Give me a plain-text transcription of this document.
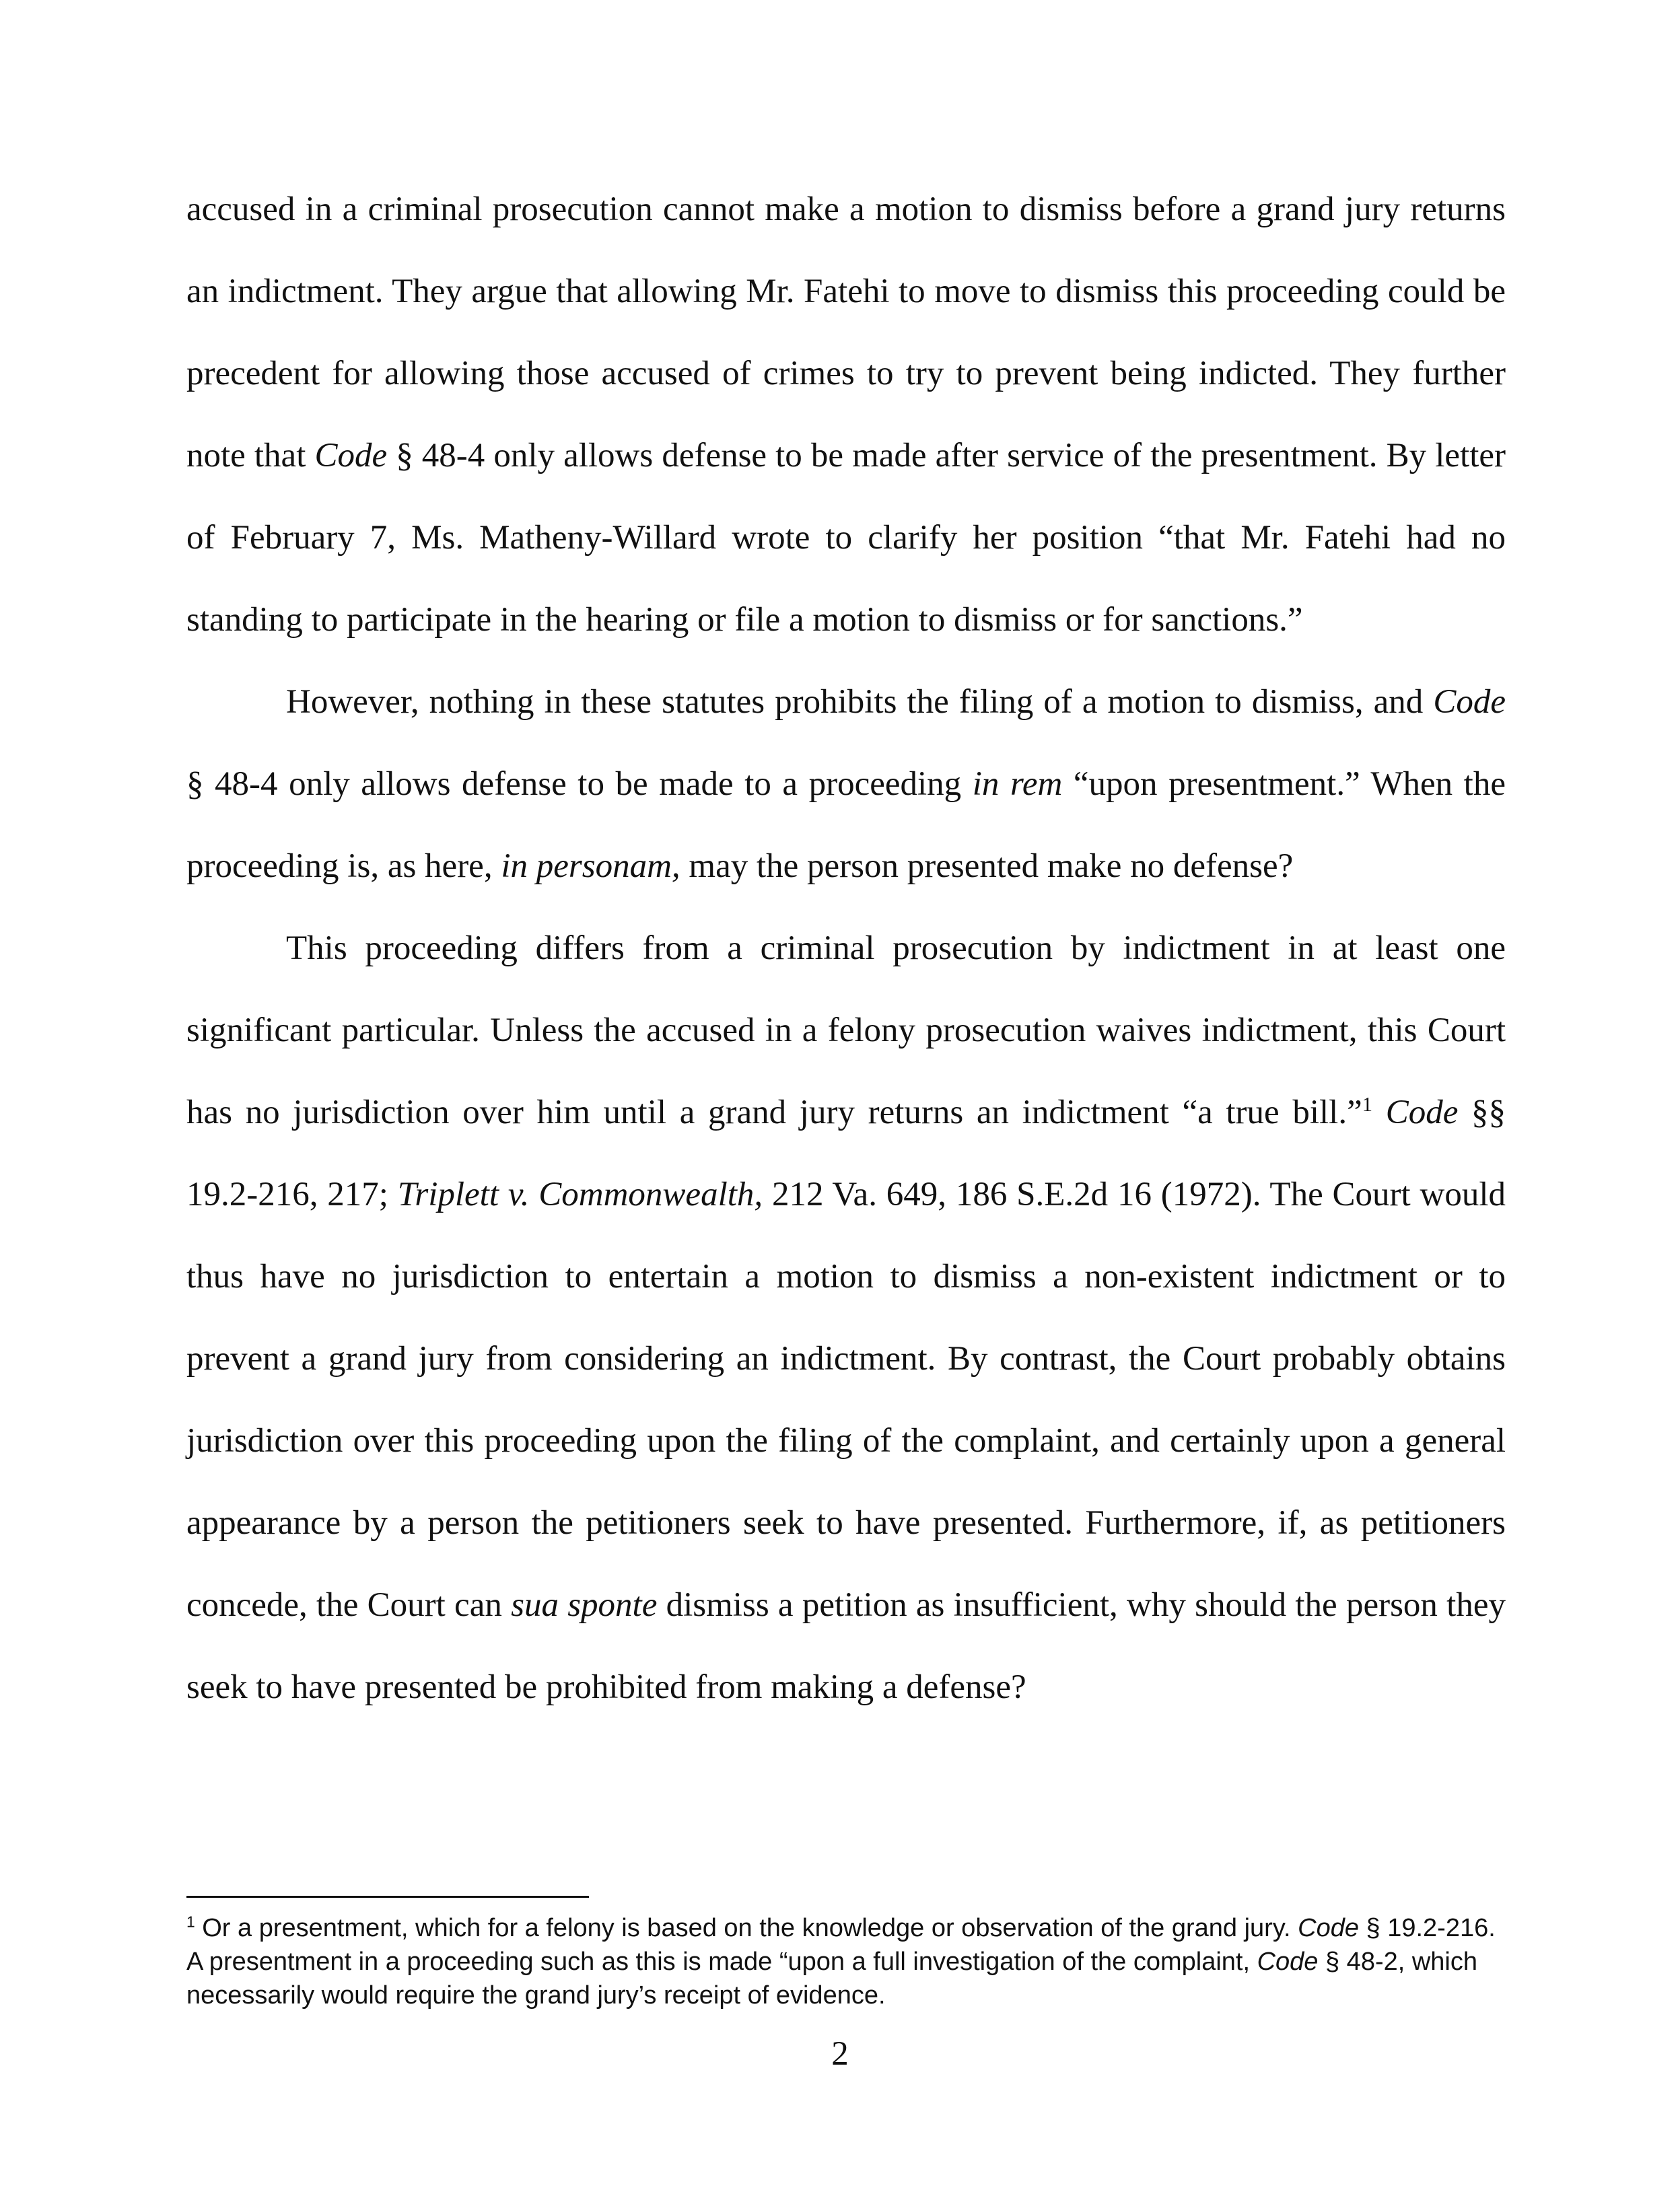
accused in a criminal prosecution cannot make a motion to dismiss before a grand jury returns an indictment. They argue that allowing Mr. Fatehi to move to dismiss this proceeding could be precedent for allowing those accused of crimes to try to prevent being indicted. They further note that Code § 48-4 only allows defense to be made after service of the presentment. By letter of February 7, Ms. Matheny-Willard wrote to clarify her position “that Mr. Fatehi had no standing to participate in the hearing or file a motion to dismiss or for sanctions.”

However, nothing in these statutes prohibits the filing of a motion to dismiss, and Code § 48-4 only allows defense to be made to a proceeding in rem “upon presentment.” When the proceeding is, as here, in personam, may the person presented make no defense?

This proceeding differs from a criminal prosecution by indictment in at least one significant particular. Unless the accused in a felony prosecution waives indictment, this Court has no jurisdiction over him until a grand jury returns an indictment “a true bill.”$^1$ Code §§ 19.2-216, 217; Triplett v. Commonwealth, 212 Va. 649, 186 S.E.2d 16 (1972). The Court would thus have no jurisdiction to entertain a motion to dismiss a non-existent indictment or to prevent a grand jury from considering an indictment. By contrast, the Court probably obtains jurisdiction over this proceeding upon the filing of the complaint, and certainly upon a general appearance by a person the petitioners seek to have presented. Furthermore, if, as petitioners concede, the Court can sua sponte dismiss a petition as insufficient, why should the person they seek to have presented be prohibited from making a defense?

$^1$ Or a presentment, which for a felony is based on the knowledge or observation of the grand jury. Code § 19.2-216. A presentment in a proceeding such as this is made “upon a full investigation of the complaint, Code § 48-2, which necessarily would require the grand jury’s receipt of evidence.

2
